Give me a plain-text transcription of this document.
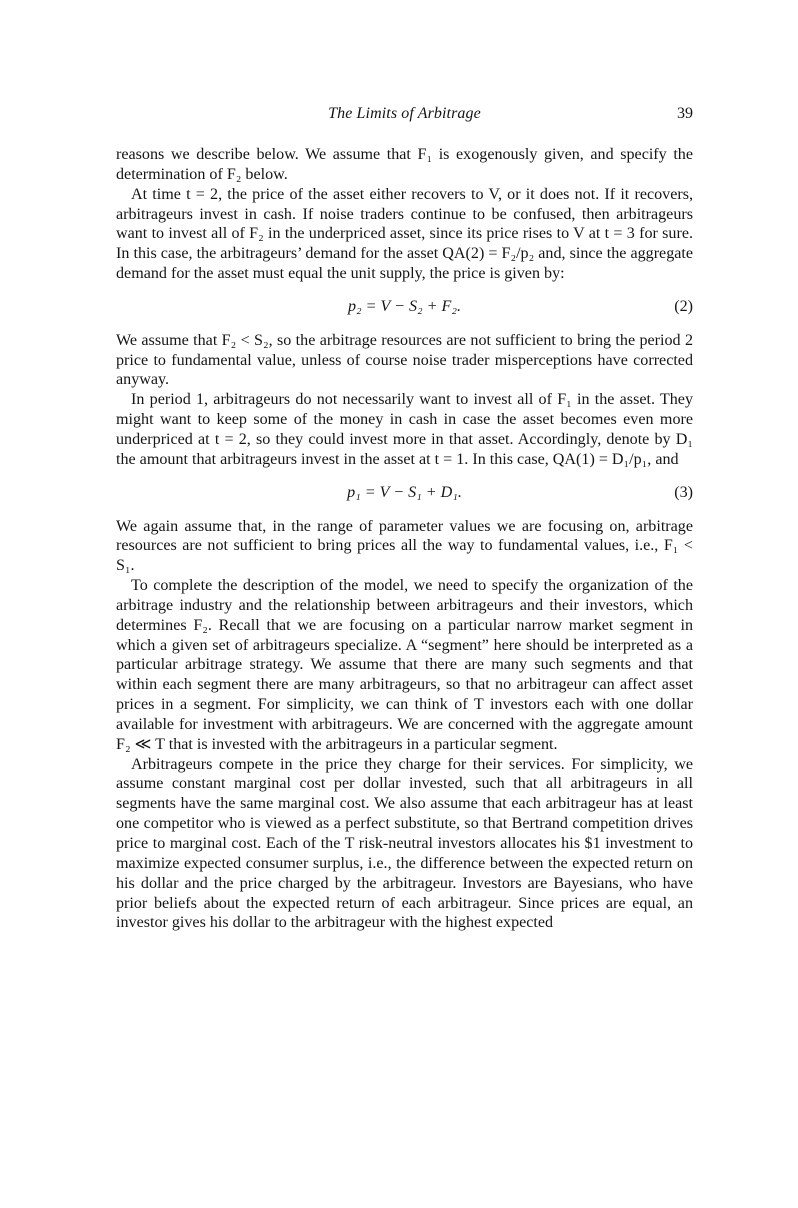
The Limits of Arbitrage	39

reasons we describe below. We assume that F₁ is exogenously given, and specify the determination of F₂ below.

At time t = 2, the price of the asset either recovers to V, or it does not. If it recovers, arbitrageurs invest in cash. If noise traders continue to be confused, then arbitrageurs want to invest all of F₂ in the underpriced asset, since its price rises to V at t = 3 for sure. In this case, the arbitrageurs’ demand for the asset QA(2) = F₂/p₂ and, since the aggregate demand for the asset must equal the unit supply, the price is given by:

p₂ = V − S₂ + F₂.	(2)

We assume that F₂ < S₂, so the arbitrage resources are not sufficient to bring the period 2 price to fundamental value, unless of course noise trader misperceptions have corrected anyway.

In period 1, arbitrageurs do not necessarily want to invest all of F₁ in the asset. They might want to keep some of the money in cash in case the asset becomes even more underpriced at t = 2, so they could invest more in that asset. Accordingly, denote by D₁ the amount that arbitrageurs invest in the asset at t = 1. In this case, QA(1) = D₁/p₁, and

p₁ = V − S₁ + D₁.	(3)

We again assume that, in the range of parameter values we are focusing on, arbitrage resources are not sufficient to bring prices all the way to fundamental values, i.e., F₁ < S₁.

To complete the description of the model, we need to specify the organization of the arbitrage industry and the relationship between arbitrageurs and their investors, which determines F₂. Recall that we are focusing on a particular narrow market segment in which a given set of arbitrageurs specialize. A “segment” here should be interpreted as a particular arbitrage strategy. We assume that there are many such segments and that within each segment there are many arbitrageurs, so that no arbitrageur can affect asset prices in a segment. For simplicity, we can think of T investors each with one dollar available for investment with arbitrageurs. We are concerned with the aggregate amount F₂ ≪ T that is invested with the arbitrageurs in a particular segment.

Arbitrageurs compete in the price they charge for their services. For simplicity, we assume constant marginal cost per dollar invested, such that all arbitrageurs in all segments have the same marginal cost. We also assume that each arbitrageur has at least one competitor who is viewed as a perfect substitute, so that Bertrand competition drives price to marginal cost. Each of the T risk-neutral investors allocates his $1 investment to maximize expected consumer surplus, i.e., the difference between the expected return on his dollar and the price charged by the arbitrageur. Investors are Bayesians, who have prior beliefs about the expected return of each arbitrageur. Since prices are equal, an investor gives his dollar to the arbitrageur with the highest expected
